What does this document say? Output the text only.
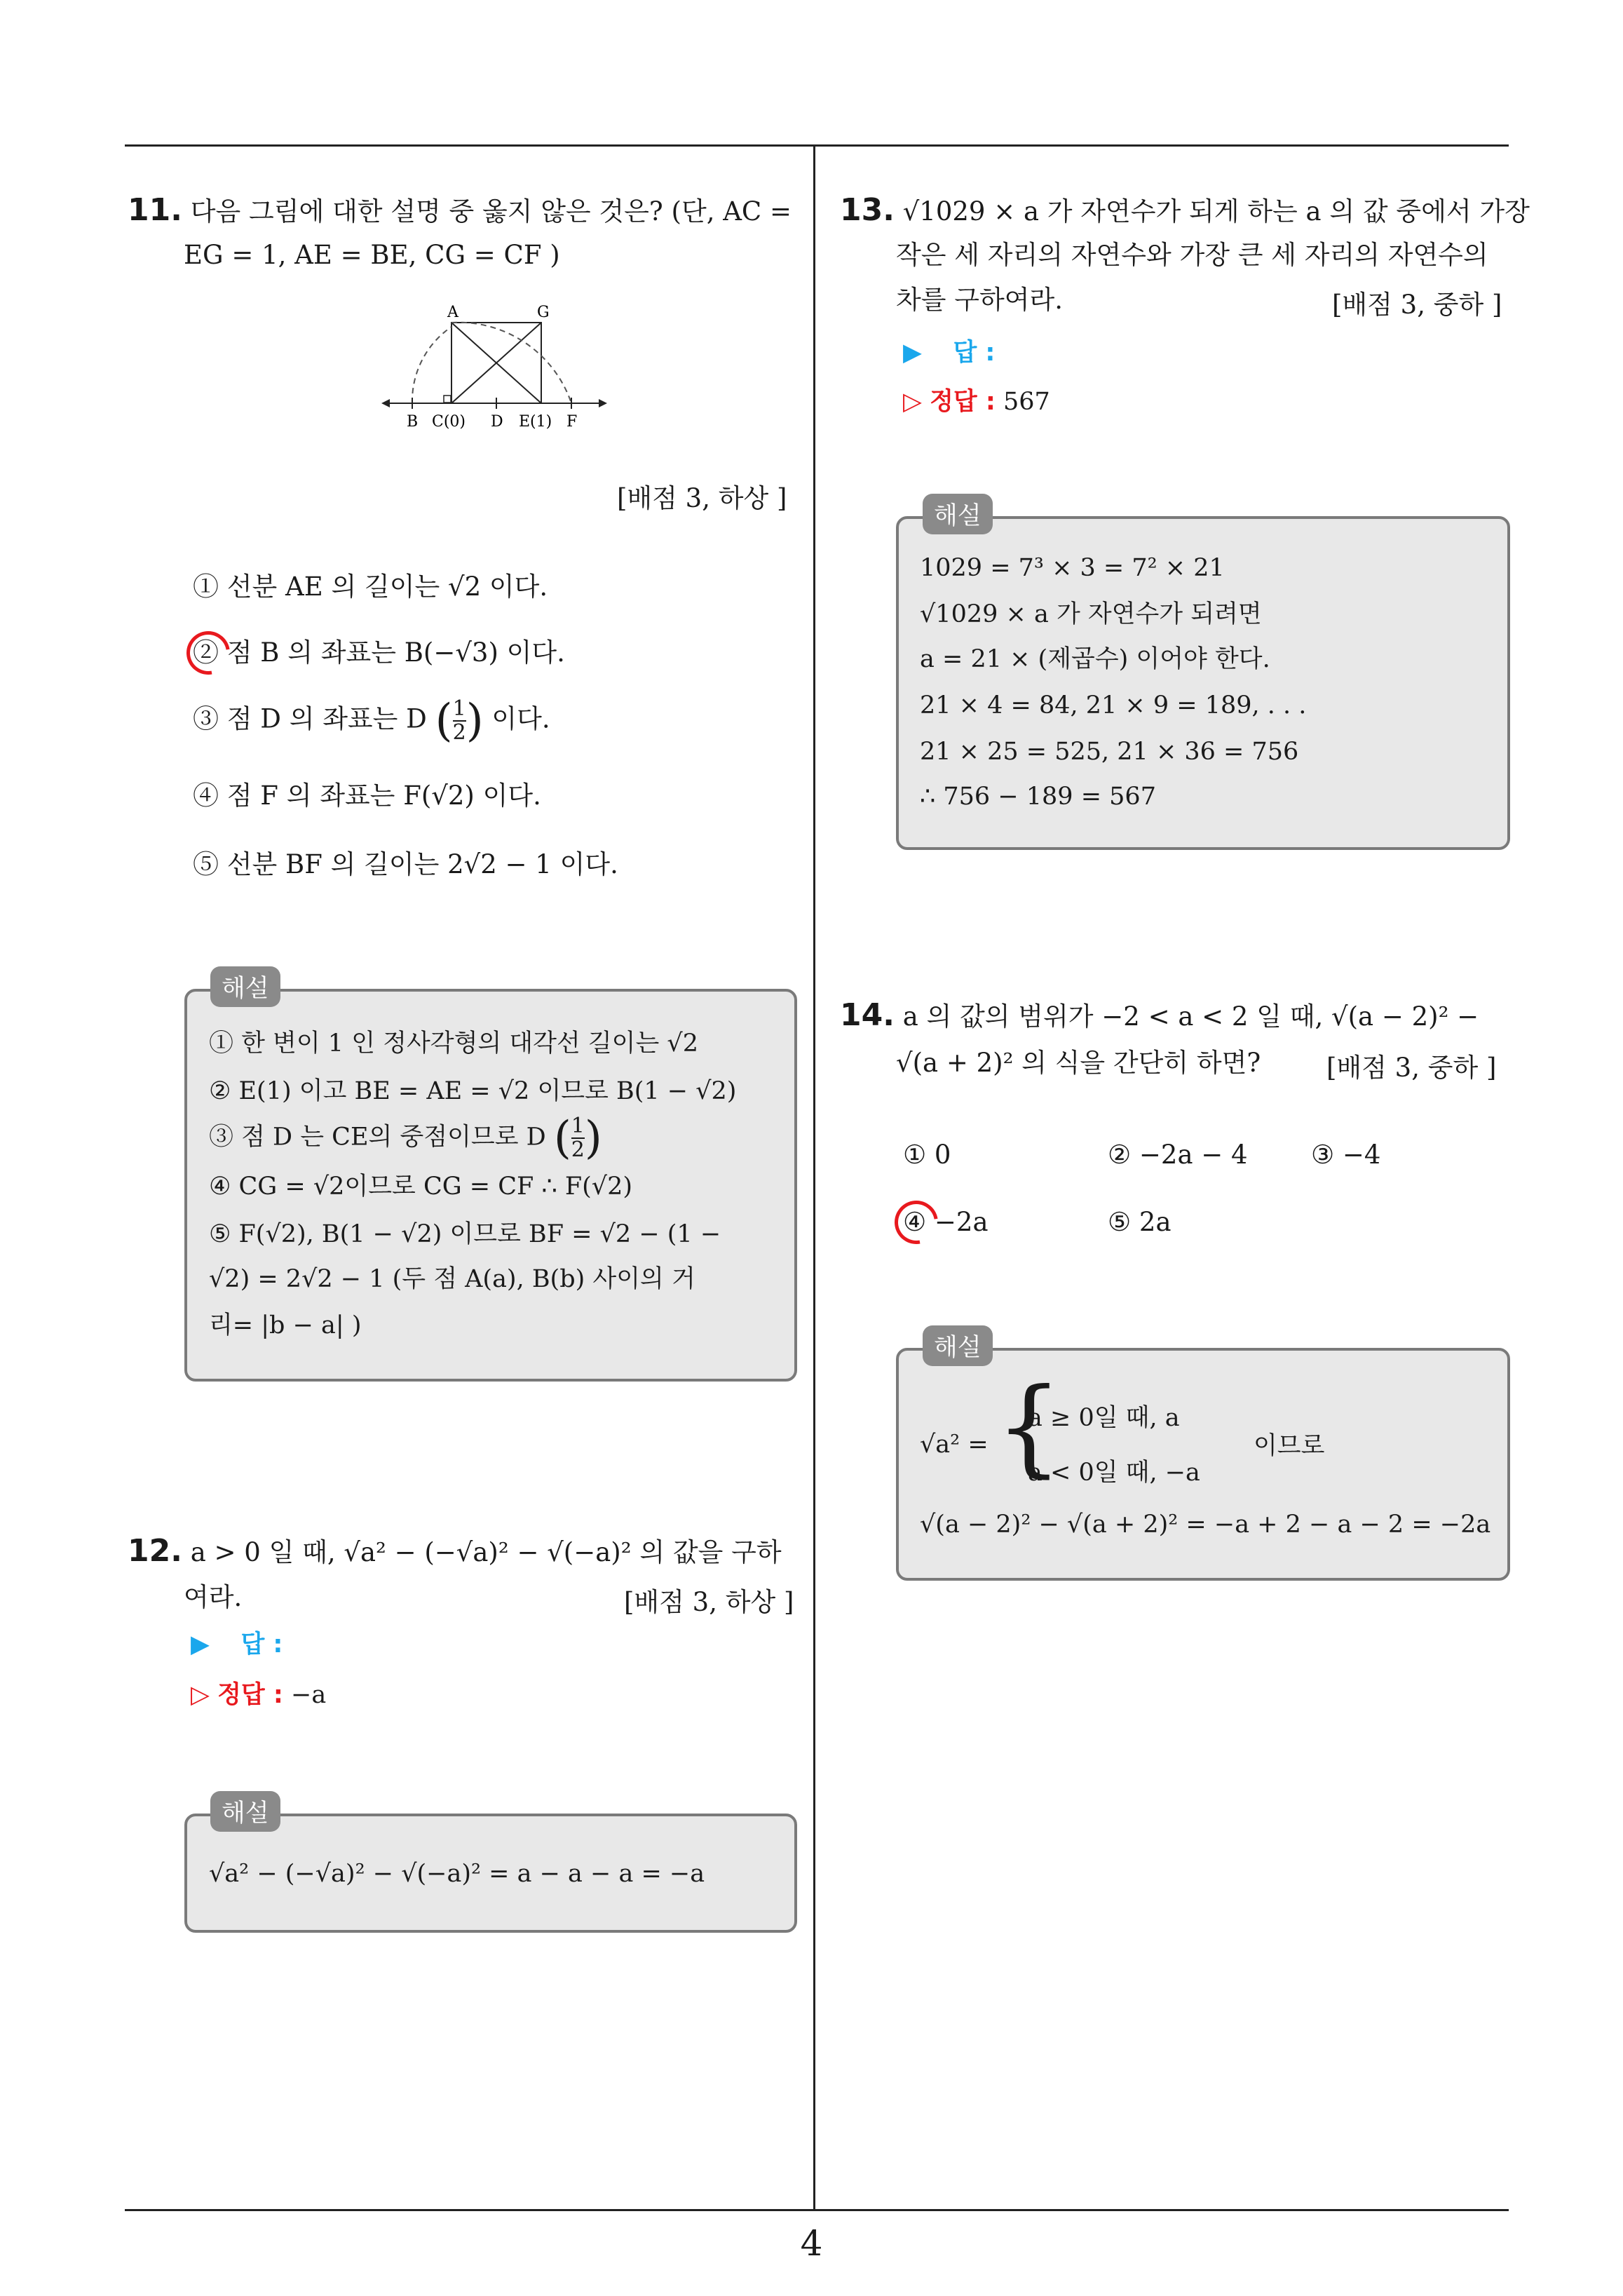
4
11. 다음 그림에 대한 설명 중 옳지 않은 것은? (단, AC =
EG = 1, AE = BE, CG = CF )
A	G
B C(0) D E(1) F
[배점 3, 하상 ]
① 선분 AE 의 길이는 √2 이다.
② 점 B 의 좌표는 B(−√3) 이다.
③ 점 D 의 좌표는 D ( $\frac{1}{2}$ ) 이다.
④ 점 F 의 좌표는 F(√2) 이다.
⑤ 선분 BF 의 길이는 2√2 − 1 이다.
해설
① 한 변이 1 인 정사각형의 대각선 길이는 √2
② E(1) 이고 BE = AE = √2 이므로 B(1 − √2)
③ 점 D 는 CE의 중점이므로 D ( $\frac{1}{2}$ )
④ CG = √2이므로 CG = CF ∴ F(√2)
⑤ F(√2), B(1 − √2) 이므로 BF = √2 − (1 −
√2) = 2√2 − 1 (두 점 A(a), B(b) 사이의 거
리= |b − a| )
12. a > 0 일 때, √a² − (−√a)² − √(−a)² 의 값을 구하
여라.	[배점 3, 하상 ]
▶ 답 :
▷ 정답 : −a
해설
√a² − (−√a)² − √(−a)² = a − a − a = −a
13. √1029 × a 가 자연수가 되게 하는 a 의 값 중에서 가장
작은 세 자리의 자연수와 가장 큰 세 자리의 자연수의
차를 구하여라.	[배점 3, 중하 ]
▶ 답 :
▷ 정답 : 567
해설
1029 = 7³ × 3 = 7² × 21
√1029 × a 가 자연수가 되려면
a = 21 × (제곱수) 이어야 한다.
21 × 4 = 84, 21 × 9 = 189, . . .
21 × 25 = 525, 21 × 36 = 756
∴ 756 − 189 = 567
14. a 의 값의 범위가 −2 < a < 2 일 때, √(a − 2)² −
√(a + 2)² 의 식을 간단히 하면?	[배점 3, 중하 ]
① 0	② −2a − 4 ③ −4
④ −2a	⑤ 2a
해설
√a² = {
a ≥ 0일 때, a
a < 0일 때, −a
이므로
√(a − 2)² − √(a + 2)² = −a + 2 − a − 2 = −2a
